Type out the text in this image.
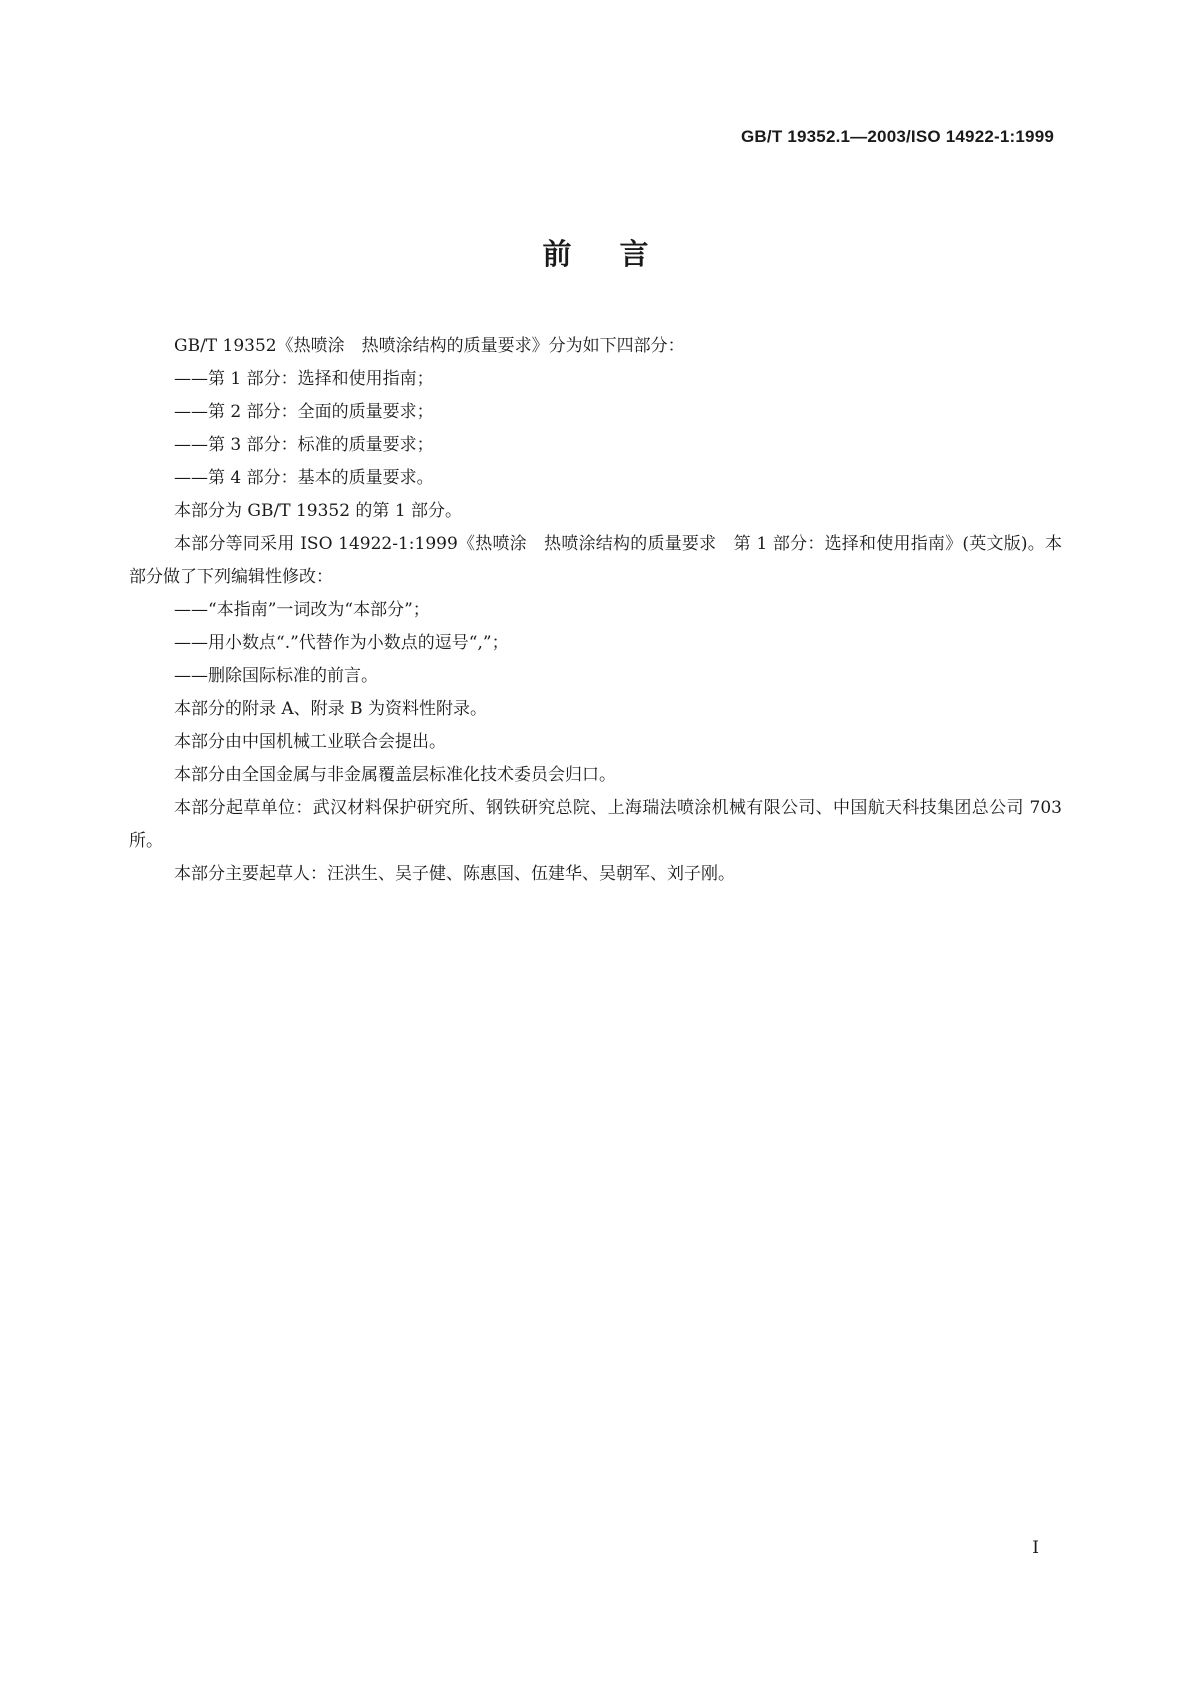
GB/T 19352.1—2003/ISO 14922-1:1999
前言

GB/T 19352《热喷涂　热喷涂结构的质量要求》分为如下四部分：

——第 1 部分：选择和使用指南；

——第 2 部分：全面的质量要求；

——第 3 部分：标准的质量要求；

——第 4 部分：基本的质量要求。

本部分为 GB/T 19352 的第 1 部分。

本部分等同采用 ISO 14922-1:1999《热喷涂　热喷涂结构的质量要求　第 1 部分：选择和使用指南》(英文版)。本部分做了下列编辑性修改：

——“本指南”一词改为“本部分”；

——用小数点“.”代替作为小数点的逗号“,”；

——删除国际标准的前言。

本部分的附录 A、附录 B 为资料性附录。

本部分由中国机械工业联合会提出。

本部分由全国金属与非金属覆盖层标准化技术委员会归口。

本部分起草单位：武汉材料保护研究所、钢铁研究总院、上海瑞法喷涂机械有限公司、中国航天科技集团总公司 703 所。

本部分主要起草人：汪洪生、吴子健、陈惠国、伍建华、吴朝军、刘子刚。

I
